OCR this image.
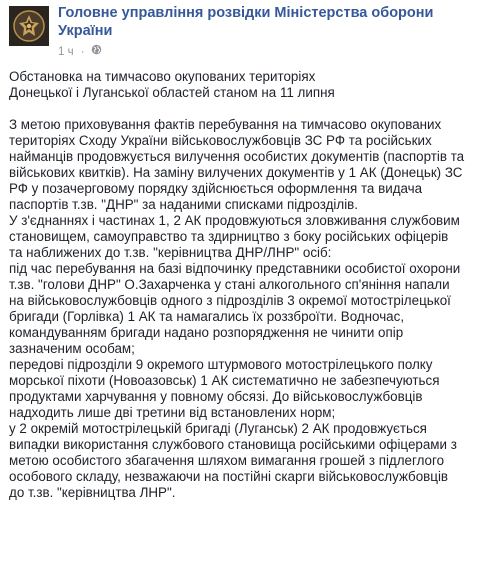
Головне управління розвідки Міністерства оборони України
1 ч ·

Обстановка на тимчасово окупованих територіях
Донецької і Луганської областей станом на 11 липня

З метою приховування фактів перебування на тимчасово окупованих
територіях Сходу України військовослужбовців ЗС РФ та російських
найманців продовжується вилучення особистих документів (паспортів та
військових квитків). На заміну вилучених документів у 1 АК (Донецьк) ЗС
РФ у позачерговому порядку здійснюється оформлення та видача
паспортів т.зв. "ДНР" за наданими списками підрозділів.
У з'єднаннях і частинах 1, 2 АК продовжуються зловживання службовим
становищем, самоуправство та здирництво з боку російських офіцерів
та наближених до т.зв. "керівництва ДНР/ЛНР" осіб:
під час перебування на базі відпочинку представники особистої охорони
т.зв. "голови ДНР" О.Захарченка у стані алкогольного сп'яніння напали
на військовослужбовців одного з підрозділів 3 окремої мотострілецької
бригади (Горлівка) 1 АК та намагались їх роззброїти. Водночас,
командуванням бригади надано розпорядження не чинити опір
зазначеним особам;
передові підрозділи 9 окремого штурмового мотострілецького полку
морської піхоти (Новоазовськ) 1 АК систематично не забезпечуються
продуктами харчування у повному обсязі. До військовослужбовців
надходить лише дві третини від встановлених норм;
у 2 окремій мотострілецькій бригаді (Луганськ) 2 АК продовжується
випадки використання службового становища російськими офіцерами з
метою особистого збагачення шляхом вимагання грошей з підлеглого
особового складу, незважаючи на постійні скарги військовослужбовців
до т.зв. "керівництва ЛНР".
